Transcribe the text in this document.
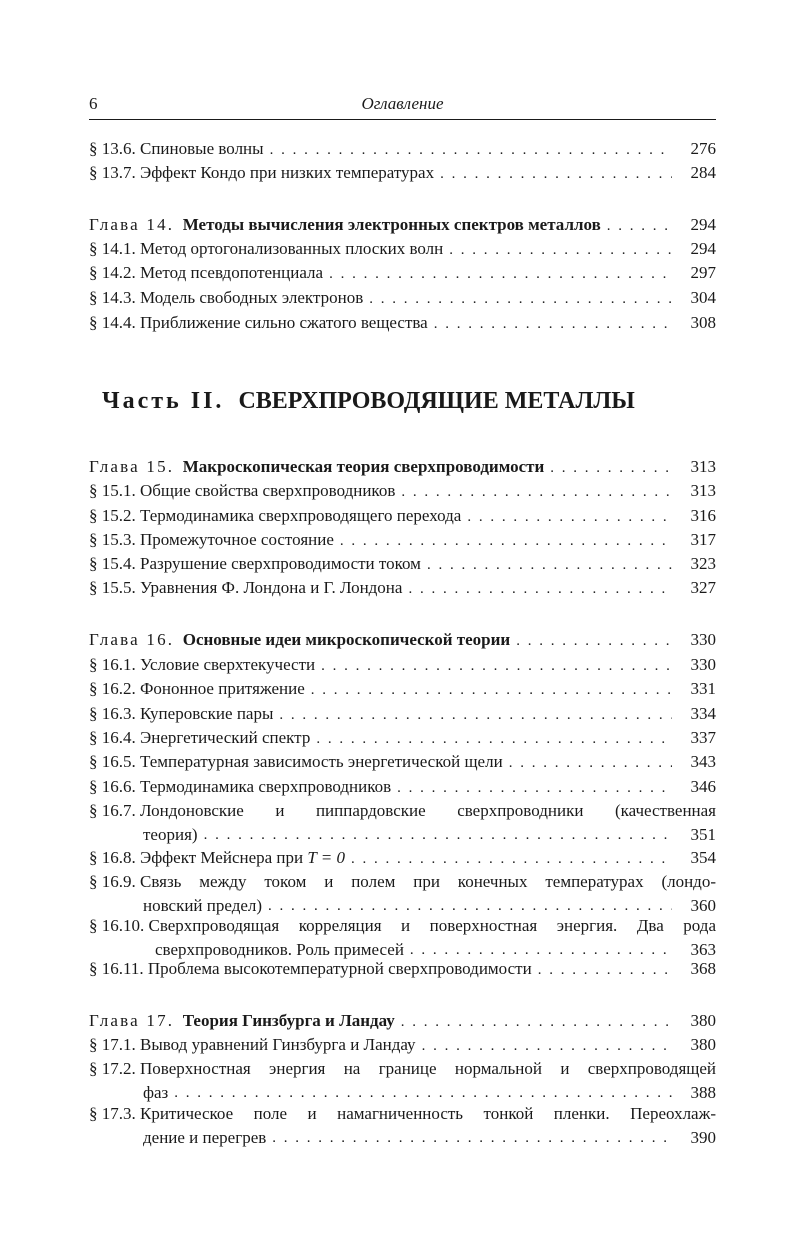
6	Оглавление
§ 13.6. Спиновые волны . . .	276
§ 13.7. Эффект Кондо при низких температурах . . .	284
Глава 14. Методы вычисления электронных спектров металлов . . .	294
§ 14.1. Метод ортогонализованных плоских волн . . .	294
§ 14.2. Метод псевдопотенциала . . .	297
§ 14.3. Модель свободных электронов . . .	304
§ 14.4. Приближение сильно сжатого вещества . . .	308
Часть II. СВЕРХПРОВОДЯЩИЕ МЕТАЛЛЫ
Глава 15. Макроскопическая теория сверхпроводимости . . .	313
§ 15.1. Общие свойства сверхпроводников . . .	313
§ 15.2. Термодинамика сверхпроводящего перехода . . .	316
§ 15.3. Промежуточное состояние . . .	317
§ 15.4. Разрушение сверхпроводимости током . . .	323
§ 15.5. Уравнения Ф. Лондона и Г. Лондона . . .	327
Глава 16. Основные идеи микроскопической теории . . .	330
§ 16.1. Условие сверхтекучести . . .	330
§ 16.2. Фононное притяжение . . .	331
§ 16.3. Куперовские пары . . .	334
§ 16.4. Энергетический спектр . . .	337
§ 16.5. Температурная зависимость энергетической щели . . .	343
§ 16.6. Термодинамика сверхпроводников . . .	346
§ 16.7.
Лондоновские и пиппардовские сверхпроводники (качественная
теория) . . .	351
§ 16.8. Эффект Мейснера при T = 0 . . .	354
§ 16.9.
Связь между током и полем при конечных температурах (лондо-
новский предел) . . .	360
§ 16.10.
Сверхпроводящая корреляция и поверхностная энергия. Два рода
сверхпроводников. Роль примесей . . .	363
§ 16.11. Проблема высокотемпературной сверхпроводимости . . .	368
Глава 17. Теория Гинзбурга и Ландау . . .	380
§ 17.1. Вывод уравнений Гинзбурга и Ландау . . .	380
§ 17.2.
Поверхностная энергия на границе нормальной и сверхпроводящей
фаз . . .	388
§ 17.3.
Критическое поле и намагниченность тонкой пленки. Переохлаж-
дение и перегрев . . .	390
